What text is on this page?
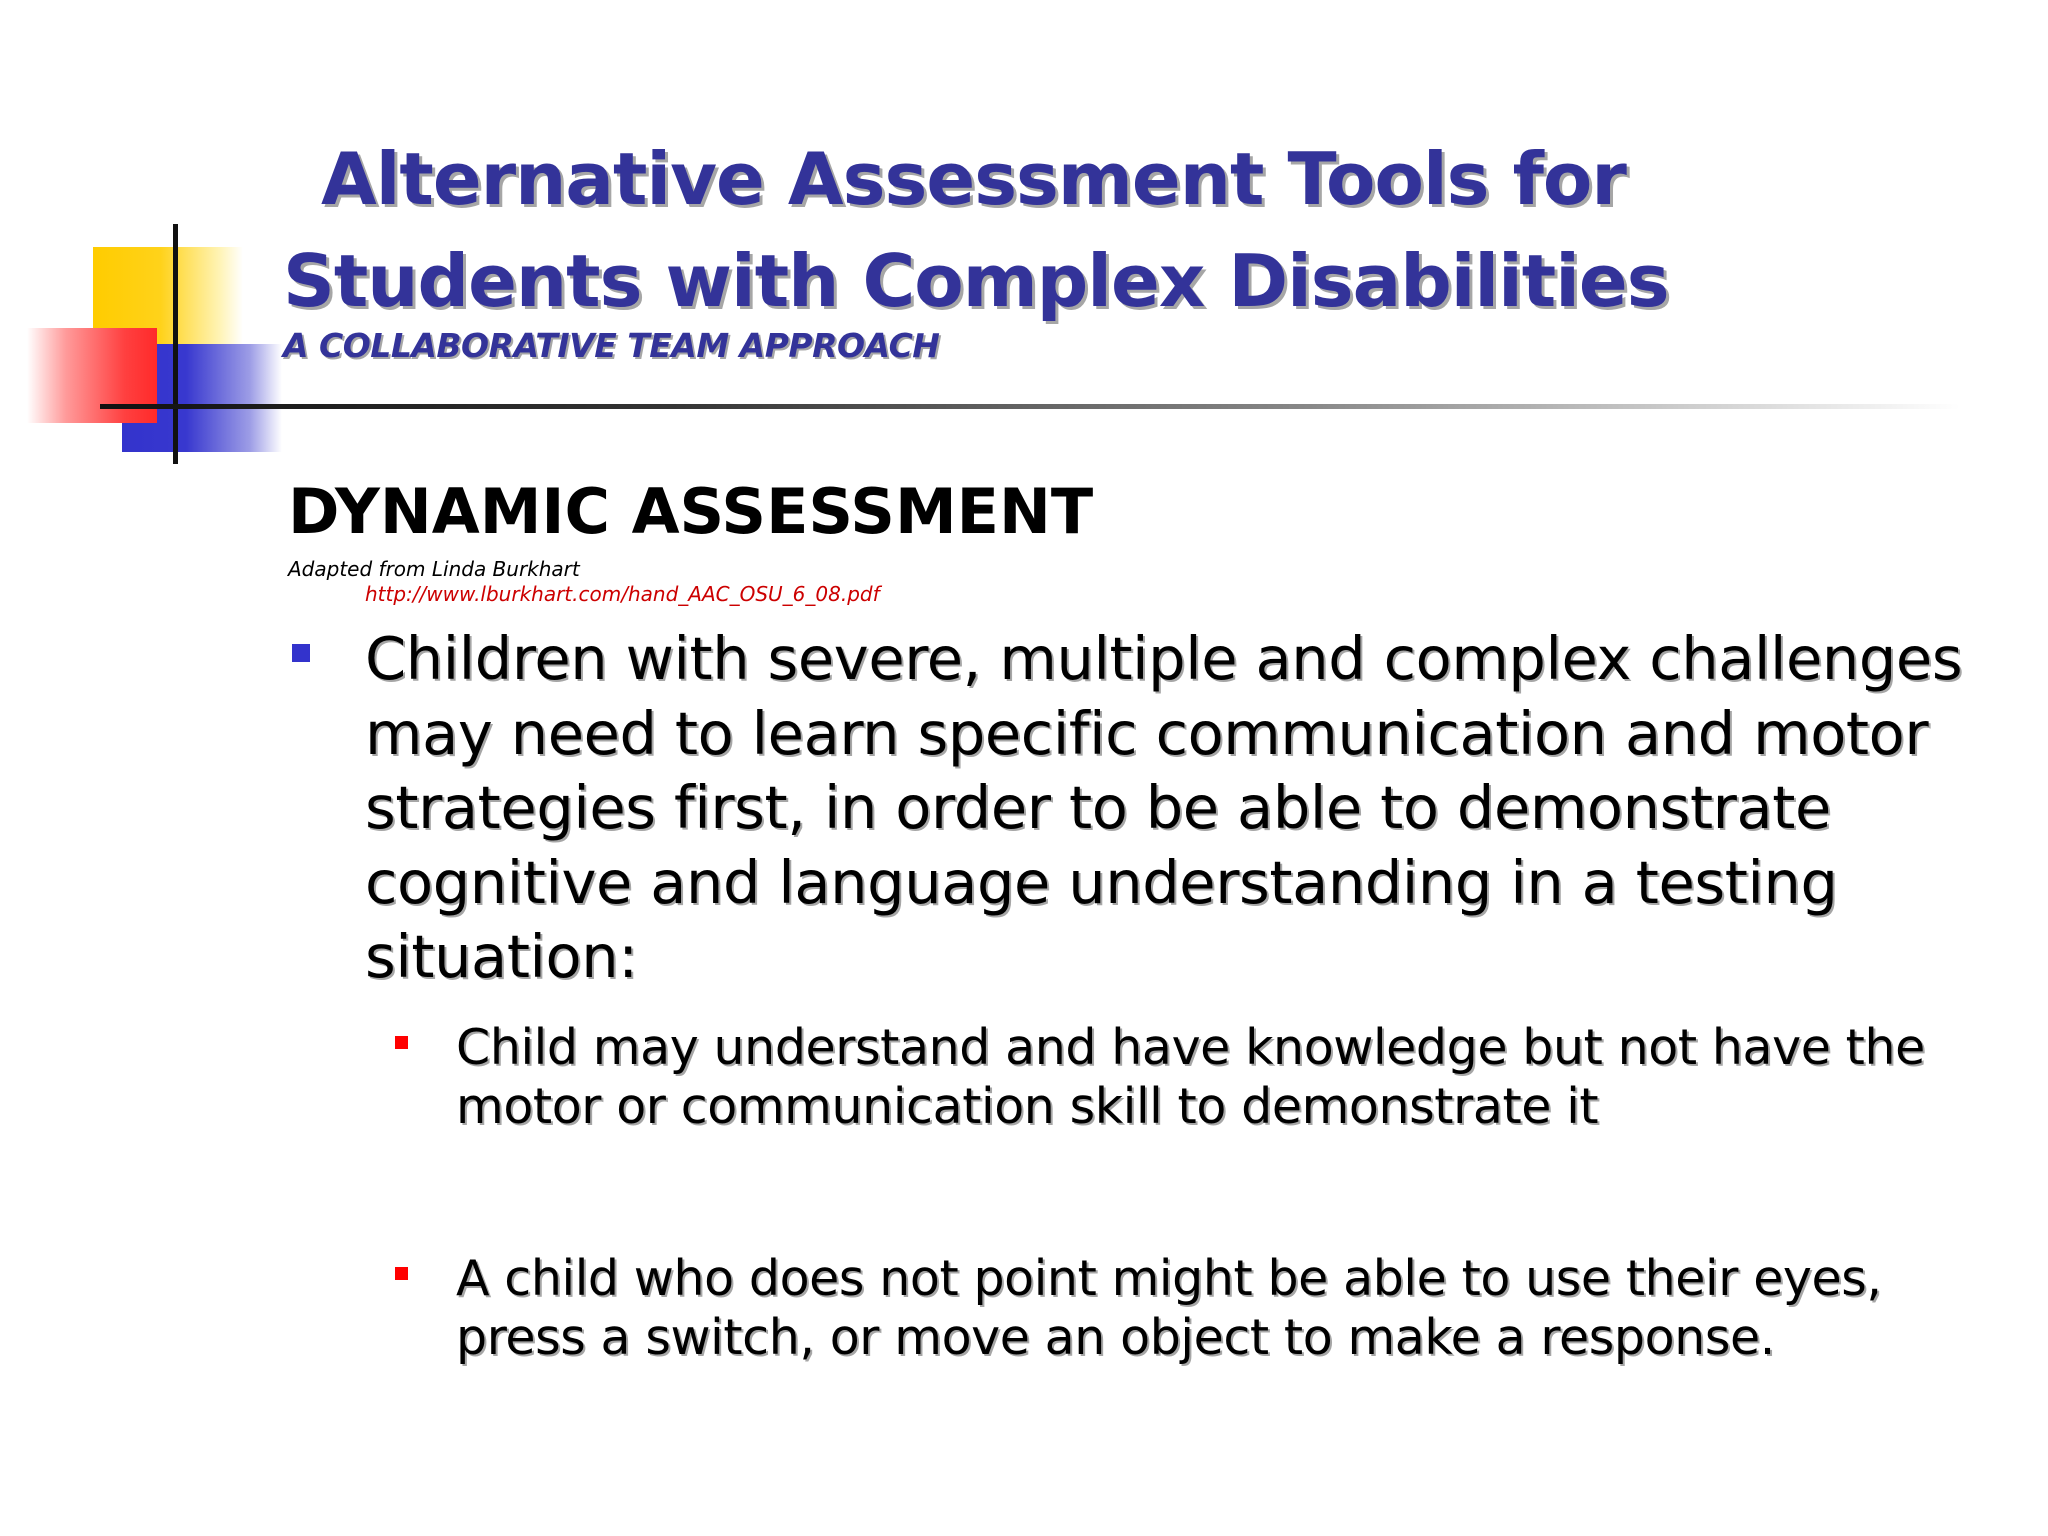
Alternative Assessment Tools for
Students with Complex Disabilities

A COLLABORATIVE TEAM APPROACH

DYNAMIC ASSESSMENT

Adapted from Linda Burkhart

http://www.lburkhart.com/hand_AAC_OSU_6_08.pdf
Children with severe, multiple and complex challenges may need to learn specific communication and motor strategies first, in order to be able to demonstrate cognitive and language understanding in a testing situation:
Child may understand and have knowledge but not have the motor or communication skill to demonstrate it
A child who does not point might be able to use their eyes, press a switch, or move an object to make a response.
